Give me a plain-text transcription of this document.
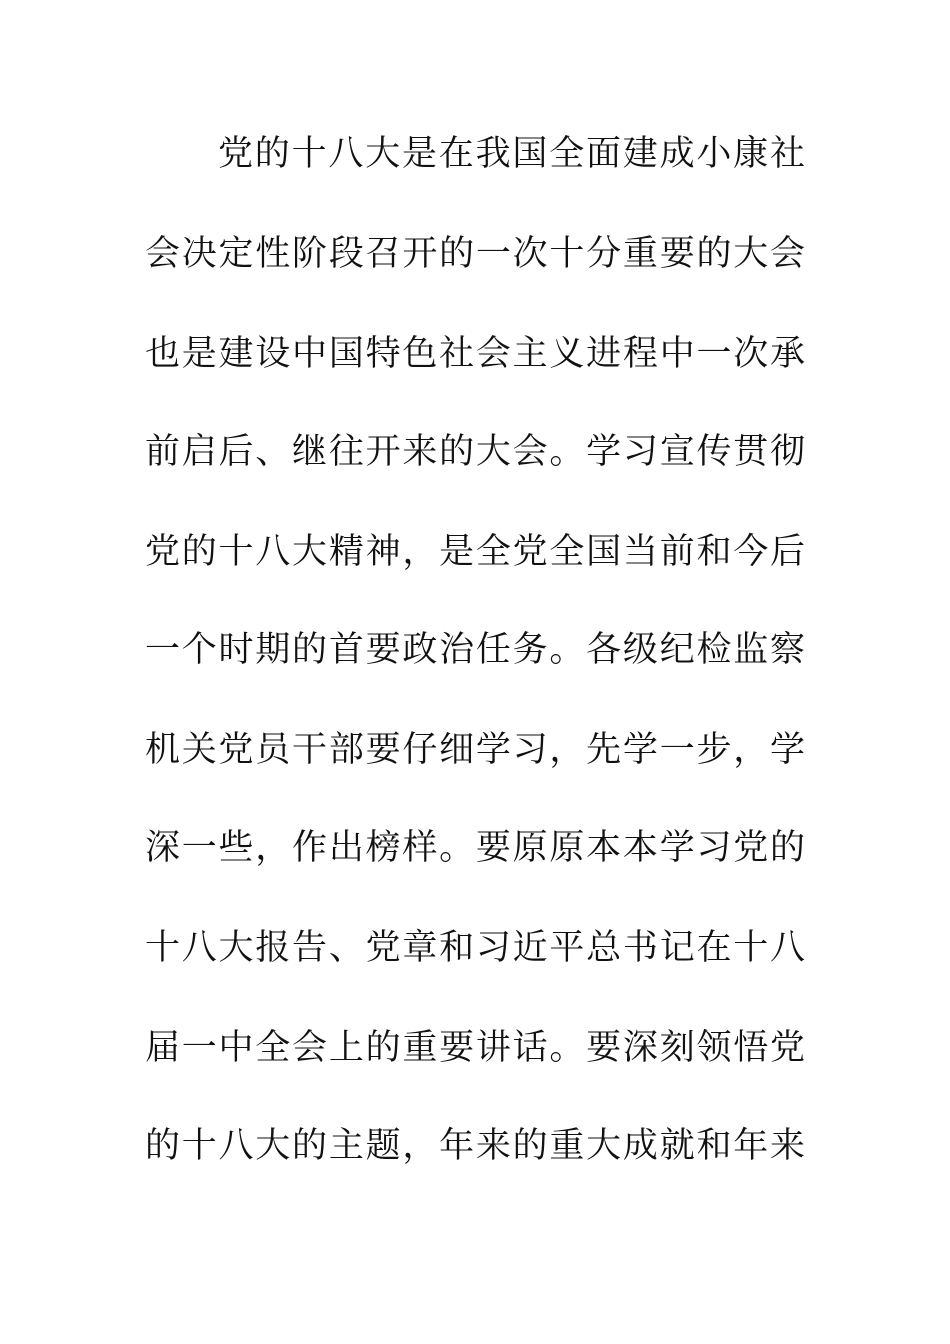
党的十八大是在我国全面建成小康社
会决定性阶段召开的一次十分重要的大会
也是建设中国特色社会主义进程中一次承
前启后、继往开来的大会。学习宣传贯彻
党的十八大精神，是全党全国当前和今后
一个时期的首要政治任务。各级纪检监察
机关党员干部要仔细学习，先学一步，学
深一些，作出榜样。要原原本本学习党的
十八大报告、党章和习近平总书记在十八
届一中全会上的重要讲话。要深刻领悟党
的十八大的主题，年来的重大成就和年来
